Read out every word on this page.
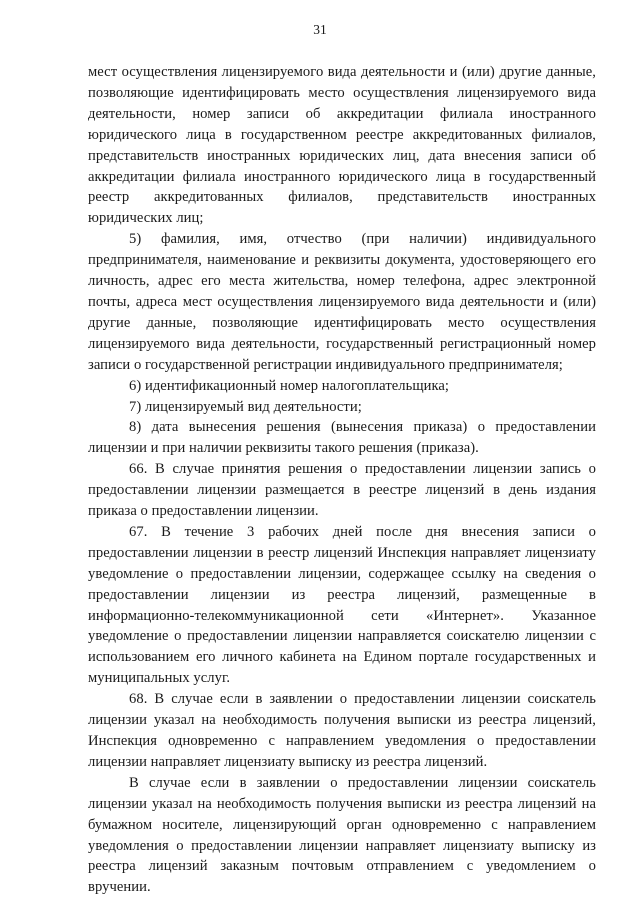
31

мест осуществления лицензируемого вида деятельности и (или) другие данные, позволяющие идентифицировать место осуществления лицензируемого вида деятельности, номер записи об аккредитации филиала иностранного юридического лица в государственном реестре аккредитованных филиалов, представительств иностранных юридических лиц, дата внесения записи об аккредитации филиала иностранного юридического лица в государственный реестр аккредитованных филиалов, представительств иностранных юридических лиц;

5) фамилия, имя, отчество (при наличии) индивидуального предпринимателя, наименование и реквизиты документа, удостоверяющего его личность, адрес его места жительства, номер телефона, адрес электронной почты, адреса мест осуществления лицензируемого вида деятельности и (или) другие данные, позволяющие идентифицировать место осуществления лицензируемого вида деятельности, государственный регистрационный номер записи о государственной регистрации индивидуального предпринимателя;

6) идентификационный номер налогоплательщика;

7) лицензируемый вид деятельности;

8) дата вынесения решения (вынесения приказа) о предоставлении лицензии и при наличии реквизиты такого решения (приказа).

66. В случае принятия решения о предоставлении лицензии запись о предоставлении лицензии размещается в реестре лицензий в день издания приказа о предоставлении лицензии.

67. В течение 3 рабочих дней после дня внесения записи о предоставлении лицензии в реестр лицензий Инспекция направляет лицензиату уведомление о предоставлении лицензии, содержащее ссылку на сведения о предоставлении лицензии из реестра лицензий, размещенные в информационно-телекоммуникационной сети «Интернет». Указанное уведомление о предоставлении лицензии направляется соискателю лицензии с использованием его личного кабинета на Едином портале государственных и муниципальных услуг.

68. В случае если в заявлении о предоставлении лицензии соискатель лицензии указал на необходимость получения выписки из реестра лицензий, Инспекция одновременно с направлением уведомления о предоставлении лицензии направляет лицензиату выписку из реестра лицензий.

В случае если в заявлении о предоставлении лицензии соискатель лицензии указал на необходимость получения выписки из реестра лицензий на бумажном носителе, лицензирующий орган одновременно с направлением уведомления о предоставлении лицензии направляет лицензиату выписку из реестра лицензий заказным почтовым отправлением с уведомлением о вручении.
